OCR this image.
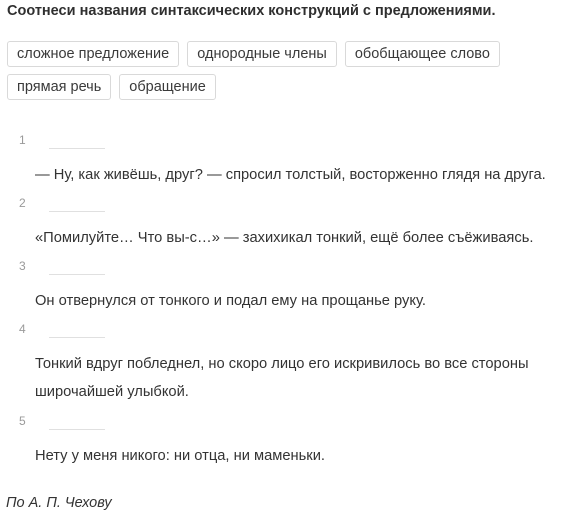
Соотнеси названия синтаксических конструкций с предложениями.
сложное предложение	однородные члены	обобщающее слово
прямая речь	обращение
1
— Ну, как живёшь, друг? — спросил толстый, восторженно глядя на друга.
2
«Помилуйте… Что вы-с…» — захихикал тонкий, ещё более съёживаясь.
3
Он отвернулся от тонкого и подал ему на прощанье руку.
4
Тонкий вдруг побледнел, но скоро лицо его искривилось во все стороны широчайшей улыбкой.
5
Нету у меня никого: ни отца, ни маменьки.
По А. П. Чехову
